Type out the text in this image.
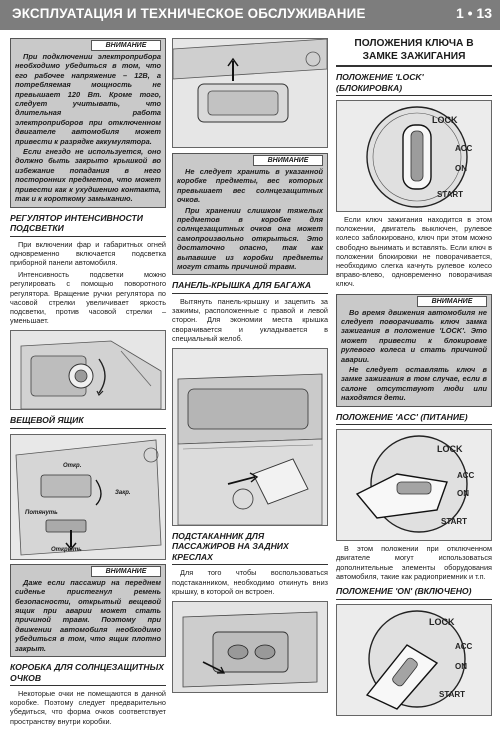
ЭКСПЛУАТАЦИЯ И ТЕХНИЧЕСКОЕ ОБСЛУЖИВАНИЕ	1 • 13
ВНИМАНИЕ

При подключении электроприбора необходимо убедиться в том, что его рабочее напряжение – 12В, а потребляемая мощность не превышает 120 Вт. Кроме того, следует учитывать, что длительная работа электроприборов при отключенном двигателе автомобиля может привести к разрядке аккумулятора.

Если гнездо не используется, оно должно быть закрыто крышкой во избежание попадания в него посторонних предметов, что может привести как к ухудшению контакта, так и к короткому замыканию.

РЕГУЛЯТОР ИНТЕНСИВНОСТИ ПОДСВЕТКИ

При включении фар и габаритных огней одновременно включается подсветка приборной панели автомобиля.

Интенсивность подсветки можно регулировать с помощью поворотного регулятора. Вращение ручки регулятора по часовой стрелки увеличивает яркость подсветки, против часовой стрелки – уменьшает.

ВЕЩЕВОЙ ЯЩИК
Откр.
Закр.
Потянуть
Открыть
ВНИМАНИЕ

Даже если пассажир на переднем сиденье пристегнул ремень безопасности, открытый вещевой ящик при аварии может стать причиной травм. Поэтому при движении автомобиля необходимо убедиться в том, что ящик плотно закрыт.

КОРОБКА ДЛЯ СОЛНЦЕЗАЩИТНЫХ ОЧКОВ

Некоторые очки не помещаются в данной коробке. Поэтому следует предварительно убедиться, что форма очков соответствует пространству внутри коробки.

ВНИМАНИЕ

Не следует хранить в указанной коробке предметы, вес которых превышает вес солнцезащитных очков.

При хранении слишком тяжелых предметов в коробке для солнцезащитных очков она может самопроизвольно открыться. Это достаточно опасно, так как выпавшие из коробки предметы могут стать причиной травм.

ПАНЕЛЬ-КРЫШКА ДЛЯ БАГАЖА

Вытянуть панель-крышку и зацепить за зажимы, расположенные с правой и левой сторон. Для экономии места крышка сворачивается и укладывается в специальный желоб.

ПОДСТАКАННИК ДЛЯ ПАССАЖИРОВ НА ЗАДНИХ КРЕСЛАХ

Для того чтобы воспользоваться подстаканником, необходимо откинуть вниз крышку, в которой он встроен.

ПОЛОЖЕНИЯ КЛЮЧА В ЗАМКЕ ЗАЖИГАНИЯ
ПОЛОЖЕНИЕ 'LOCK' (БЛОКИРОВКА)
LOCK
ACC
ON
START

Если ключ зажигания находится в этом положении, двигатель выключен, рулевое колесо заблокировано, ключ при этом можно свободно вынимать и вставлять. Если ключ в положении блокировки не поворачивается, необходимо слегка качнуть рулевое колесо вправо-влево, одновременно поворачивая ключ.

ВНИМАНИЕ

Во время движения автомобиля не следует поворачивать ключ замка зажигания в положение 'LOCK'. Это может привести к блокировке рулевого колеса и стать причиной аварии.

Не следует оставлять ключ в замке зажигания в том случае, если в салоне отсутствуют люди или находятся дети.

ПОЛОЖЕНИЕ 'ACC' (ПИТАНИЕ)
LOCK
ACC
ON
START

В этом положении при отключенном двигателе могут использоваться дополнительные элементы оборудования автомобиля, такие как радиоприемник и т.п.

ПОЛОЖЕНИЕ 'ON' (ВКЛЮЧЕНО)
LOCK
ACC
ON
START
